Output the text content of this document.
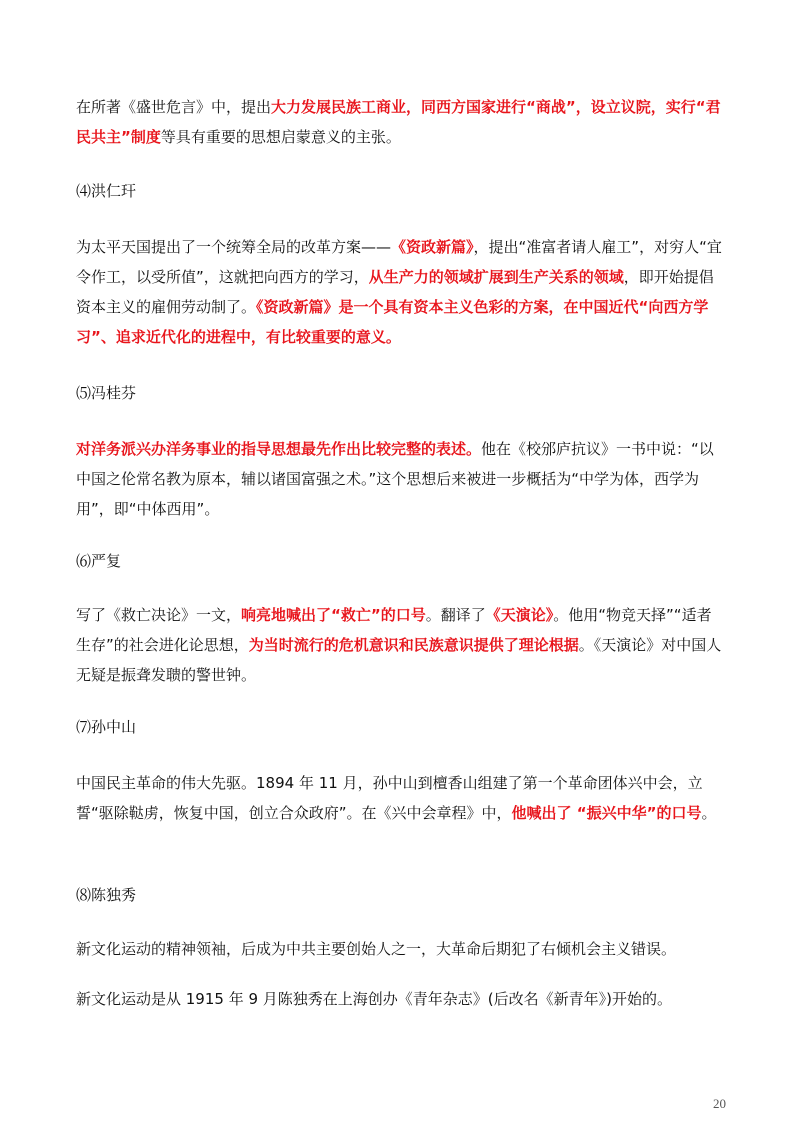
在所著《盛世危言》中，提出大力发展民族工商业，同西方国家进行“商战”，设立议院，实行“君民共主”制度等具有重要的思想启蒙意义的主张。

⑷洪仁玕

为太平天国提出了一个统筹全局的改革方案——《资政新篇》，提出“准富者请人雇工”，对穷人“宜令作工，以受所值”，这就把向西方的学习，从生产力的领域扩展到生产关系的领域，即开始提倡资本主义的雇佣劳动制了。《资政新篇》是一个具有资本主义色彩的方案，在中国近代“向西方学习”、追求近代化的进程中，有比较重要的意义。

⑸冯桂芬

对洋务派兴办洋务事业的指导思想最先作出比较完整的表述。他在《校邠庐抗议》一书中说：“以中国之伦常名教为原本，辅以诸国富强之术。”这个思想后来被进一步概括为“中学为体，西学为用”，即“中体西用”。

⑹严复

写了《救亡决论》一文，响亮地喊出了“救亡”的口号。翻译了《天演论》。他用“物竞天择”“适者生存”的社会进化论思想，为当时流行的危机意识和民族意识提供了理论根据。《天演论》对中国人无疑是振聋发聩的警世钟。

⑺孙中山

中国民主革命的伟大先驱。1894 年 11 月，孙中山到檀香山组建了第一个革命团体兴中会，立誓“驱除鞑虏，恢复中国，创立合众政府”。在《兴中会章程》中，他喊出了 “振兴中华”的口号。

⑻陈独秀

新文化运动的精神领袖，后成为中共主要创始人之一，大革命后期犯了右倾机会主义错误。

新文化运动是从 1915 年 9 月陈独秀在上海创办《青年杂志》(后改名《新青年》)开始的。

20
